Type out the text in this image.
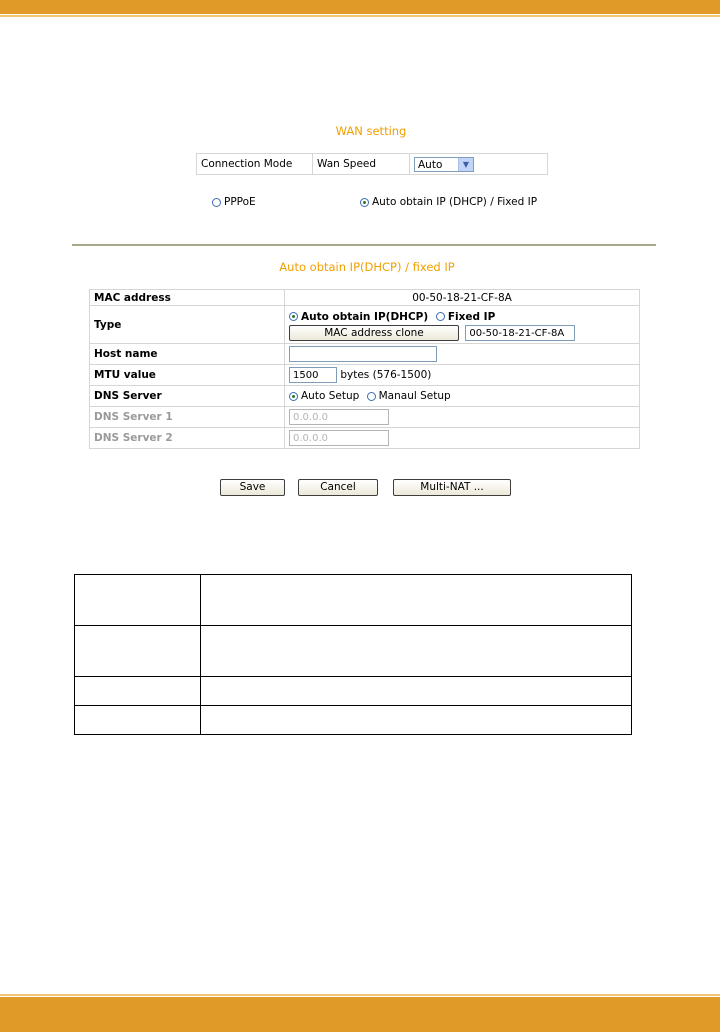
WAN setting
Connection Mode	Wan Speed	Auto	▼
PPPoE	Auto obtain IP (DHCP) / Fixed IP
Auto obtain IP(DHCP) / fixed IP
MAC address	00-50-18-21-CF-8A
Type	Auto obtain IP(DHCP) Fixed IP
MAC address clone 00-50-18-21-CF-8A

Host name	
MTU value	1500 bytes (576-1500)
DNS Server	Auto Setup Manaul Setup
DNS Server 1	0.0.0.0
DNS Server 2	0.0.0.0
Save	Cancel	Multi-NAT ...
